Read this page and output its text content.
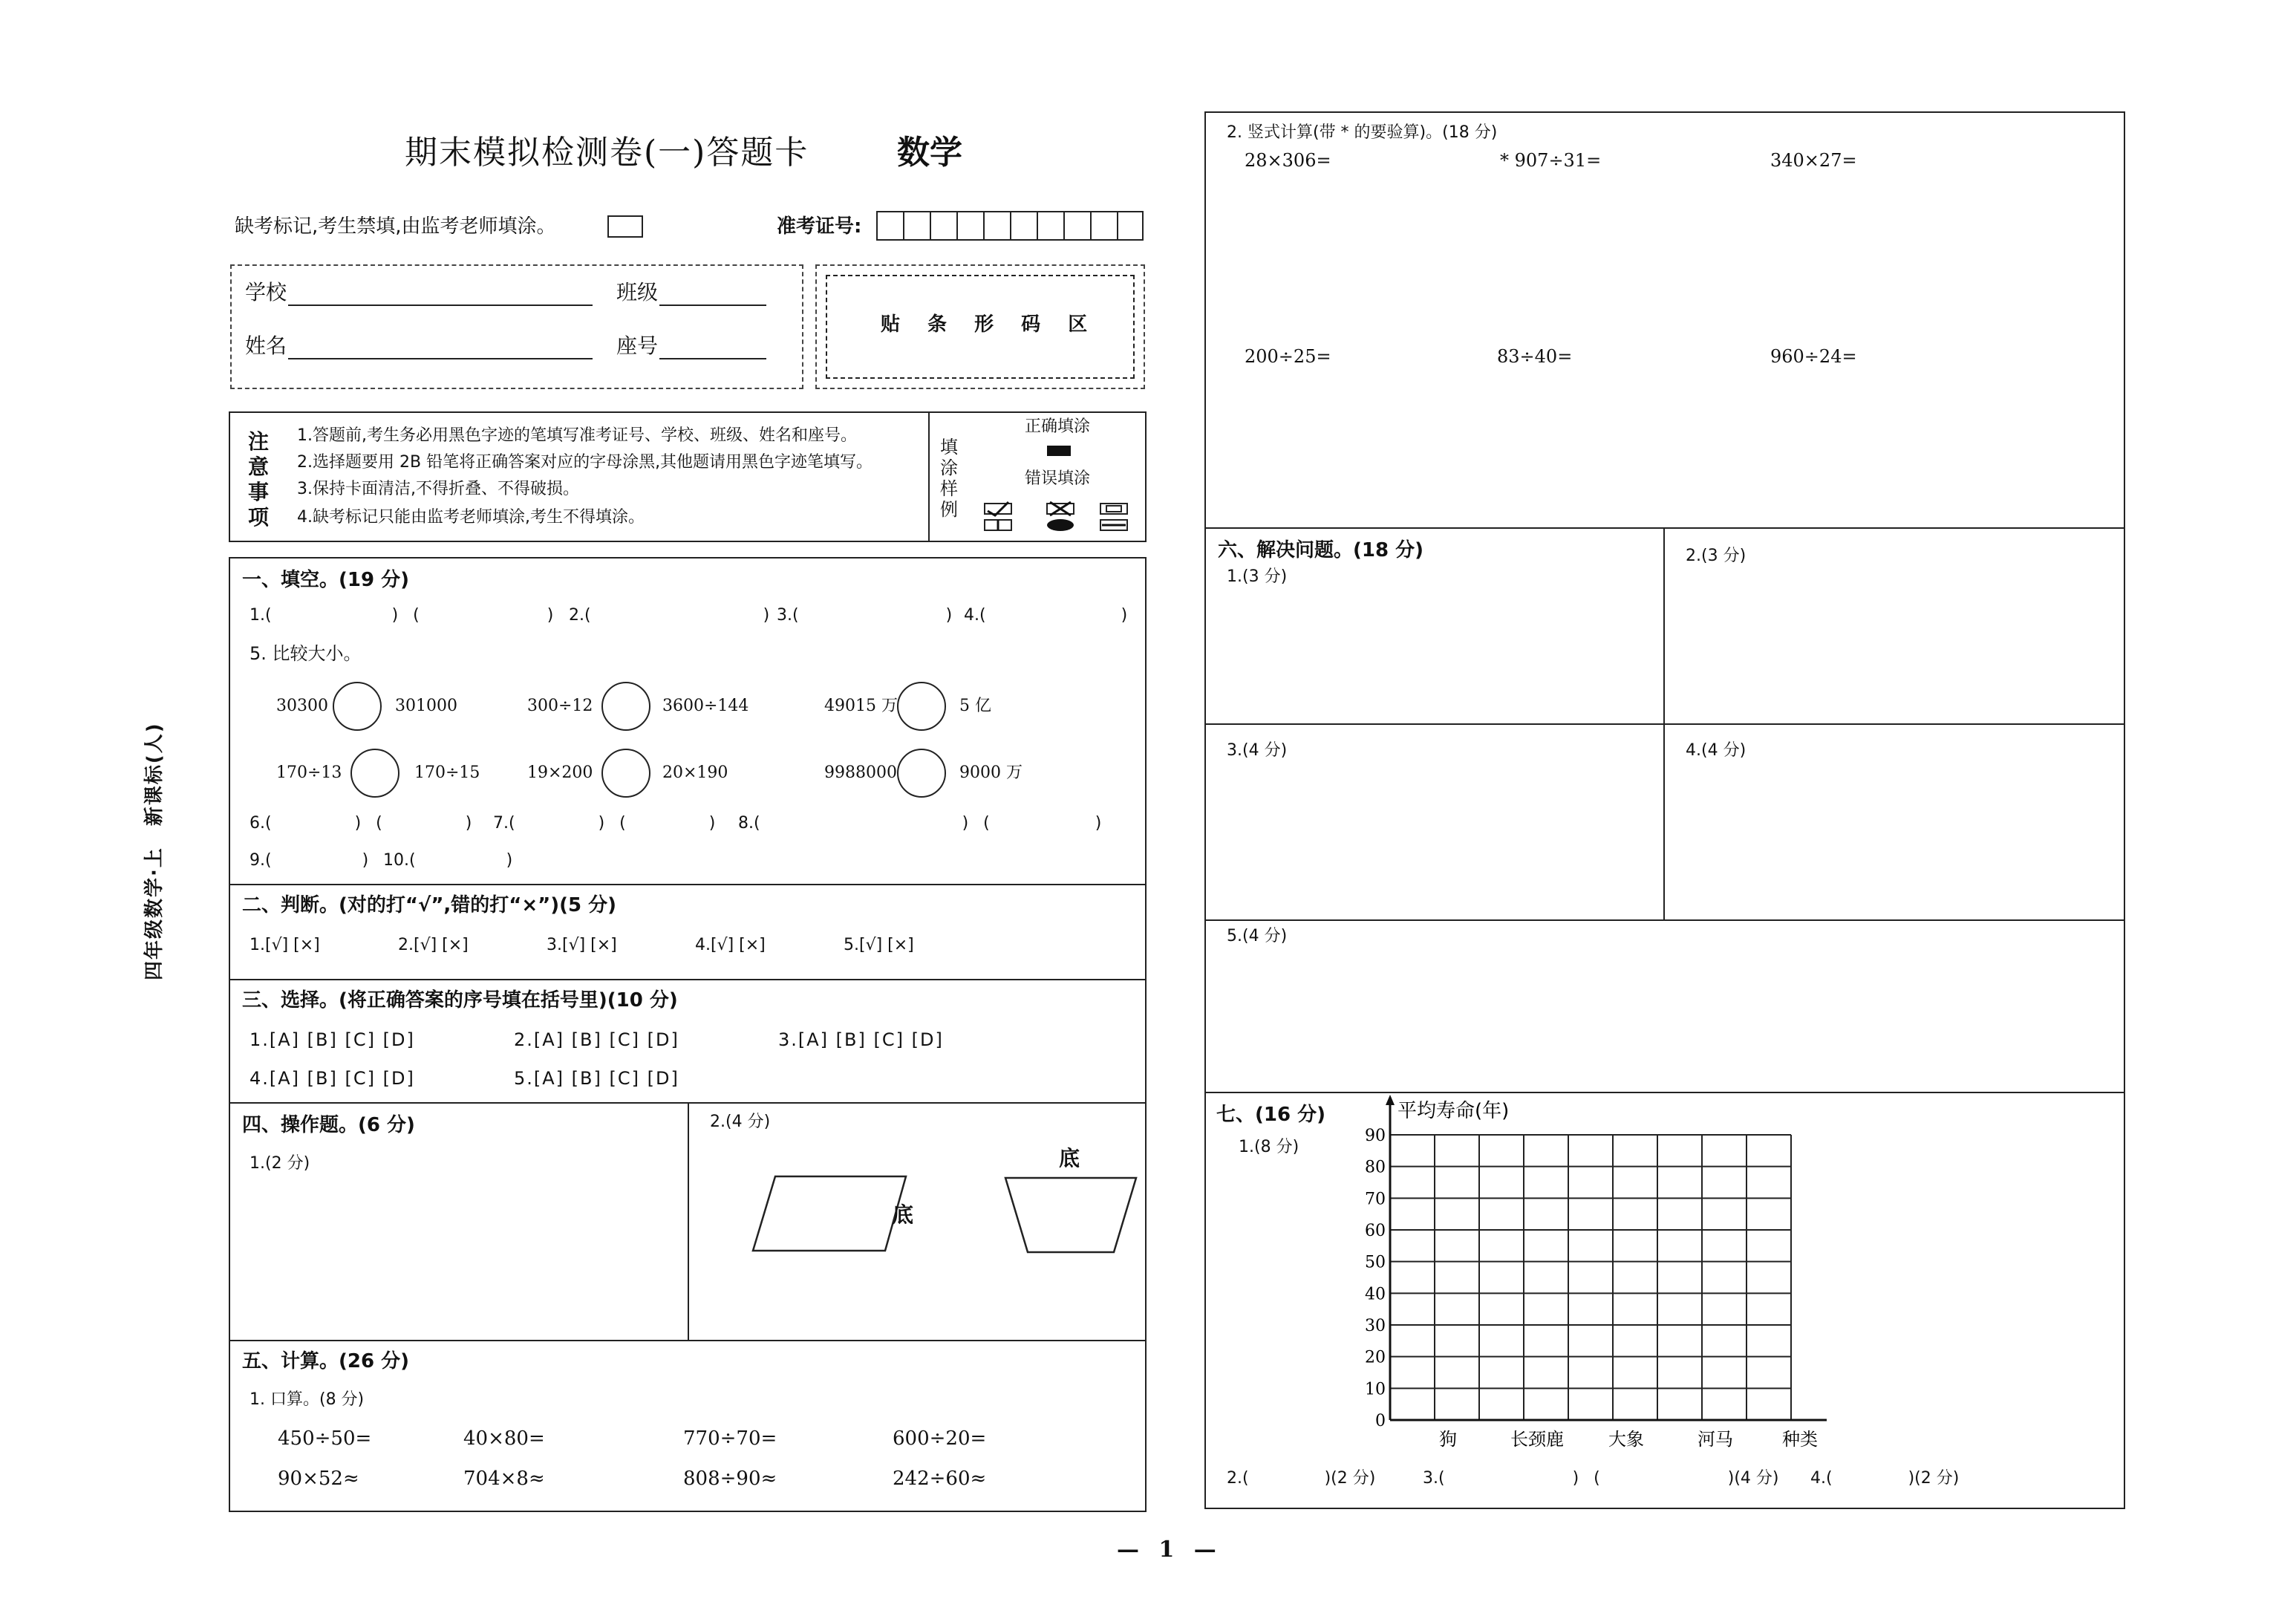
四年级数学·上　新课标(人)
期末模拟检测卷(一)答题卡	数学
缺考标记,考生禁填,由监考老师填涂。	准考证号:
学校	班级
姓名	座号
贴 条 形 码 区
注
意
事
项
1.答题前,考生务必用黑色字迹的笔填写准考证号、学校、班级、姓名和座号。
2.选择题要用 2B 铅笔将正确答案对应的字母涂黑,其他题请用黑色字迹笔填写。
3.保持卡面清洁,不得折叠、不得破损。
4.缺考标记只能由监考老师填涂,考生不得填涂。
填
涂
样
例
正确填涂
错误填涂
一、填空。(19 分)
1.(	　) (	　) 2.(	　) 3.(	　) 4.(	　)
5. 比较大小。
30300	301000	300÷12	3600÷144	49015 万	5 亿
170÷13	170÷15	19×200	20×190	9988000	9000 万
6.(	　) (	　) 7.(	　) (	　) 8.(	　) (	　)
9.(	　) 10.(	　)
二、判断。(对的打“√”,错的打“×”)(5 分)
1.[√] [×]	2.[√] [×]	3.[√] [×]	4.[√] [×]	5.[√] [×]
三、选择。(将正确答案的序号填在括号里)(10 分)
1.[A] [B] [C] [D]	2.[A] [B] [C] [D]	3.[A] [B] [C] [D]
4.[A] [B] [C] [D]	5.[A] [B] [C] [D]
四、操作题。(6 分)
1.(2 分)
2.(4 分)
底
底
五、计算。(26 分)
1. 口算。(8 分)
450÷50=	40×80=	770÷70=	600÷20=
90×52≈	704×8≈	808÷90≈	242÷60≈
2. 竖式计算(带 * 的要验算)。(18 分)
28×306=	* 907÷31=	340×27=
200÷25=	83÷40=	960÷24=
六、解决问题。(18 分)
1.(3 分)
2.(3 分)
3.(4 分)	4.(4 分)
5.(4 分)
七、(16 分)
1.(8 分)
平均寿命(年)
0
10
20
30
40
50
60
70
80
90
狗	长颈鹿	大象	河马	种类
2.(	　)(2 分)	3.(	　) (	　)(4 分) 4.(	　)(2 分)
— 1 —
